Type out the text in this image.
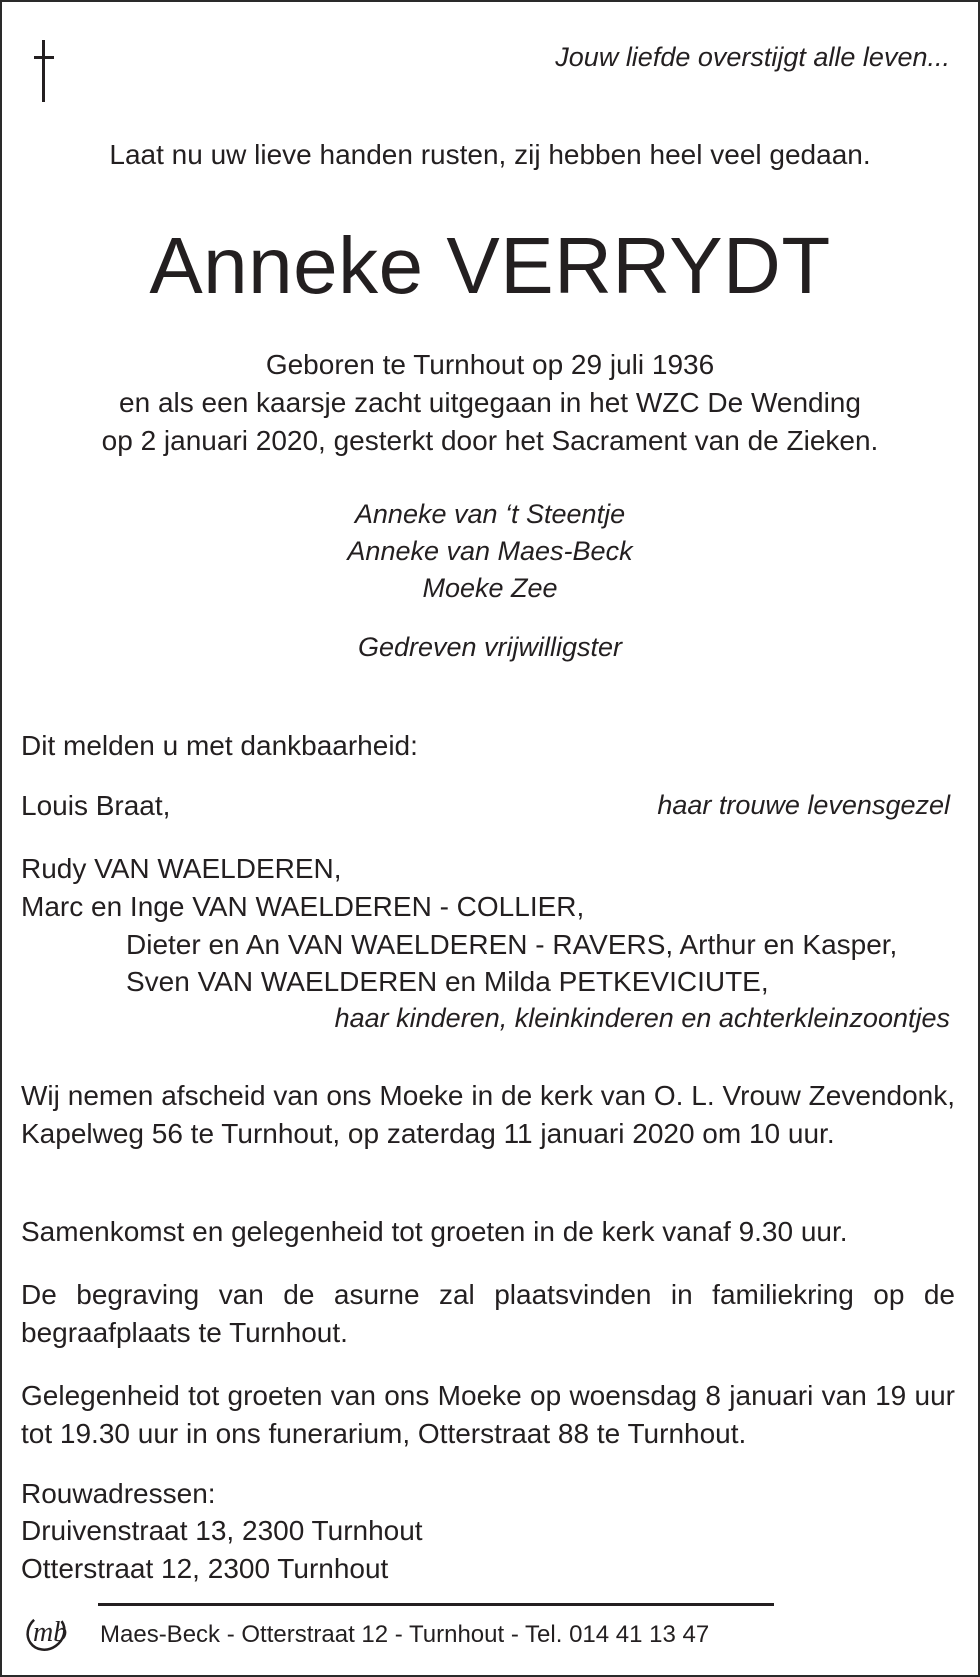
Jouw liefde overstijgt alle leven...
Laat nu uw lieve handen rusten, zij hebben heel veel gedaan.
Anneke VERRYDT
Geboren te Turnhout op 29 juli 1936
en als een kaarsje zacht uitgegaan in het WZC De Wending
op 2 januari 2020, gesterkt door het Sacrament van de Zieken.
Anneke van ‘t Steentje
Anneke van Maes-Beck
Moeke Zee
Gedreven vrijwilligster
Dit melden u met dankbaarheid:
Louis Braat,	haar trouwe levensgezel
Rudy VAN WAELDEREN,
Marc en Inge VAN WAELDEREN - COLLIER,
Dieter en An VAN WAELDEREN - RAVERS, Arthur en Kasper,
Sven VAN WAELDEREN en Milda PETKEVICIUTE,
haar kinderen, kleinkinderen en achterkleinzoontjes
Wij nemen afscheid van ons Moeke in de kerk van O. L. Vrouw Zevendonk, Kapelweg 56 te Turnhout, op zaterdag 11 januari 2020 om 10 uur.
Samenkomst en gelegenheid tot groeten in de kerk vanaf 9.30 uur.
De begraving van de asurne zal plaatsvinden in familiekring op de begraafplaats te Turnhout.
Gelegenheid tot groeten van ons Moeke op woensdag 8 januari van 19 uur tot 19.30 uur in ons funerarium, Otterstraat 88 te Turnhout.
Rouwadressen:
Druivenstraat 13, 2300 Turnhout
Otterstraat 12, 2300 Turnhout
mb Maes-Beck - Otterstraat 12 - Turnhout - Tel. 014 41 13 47
